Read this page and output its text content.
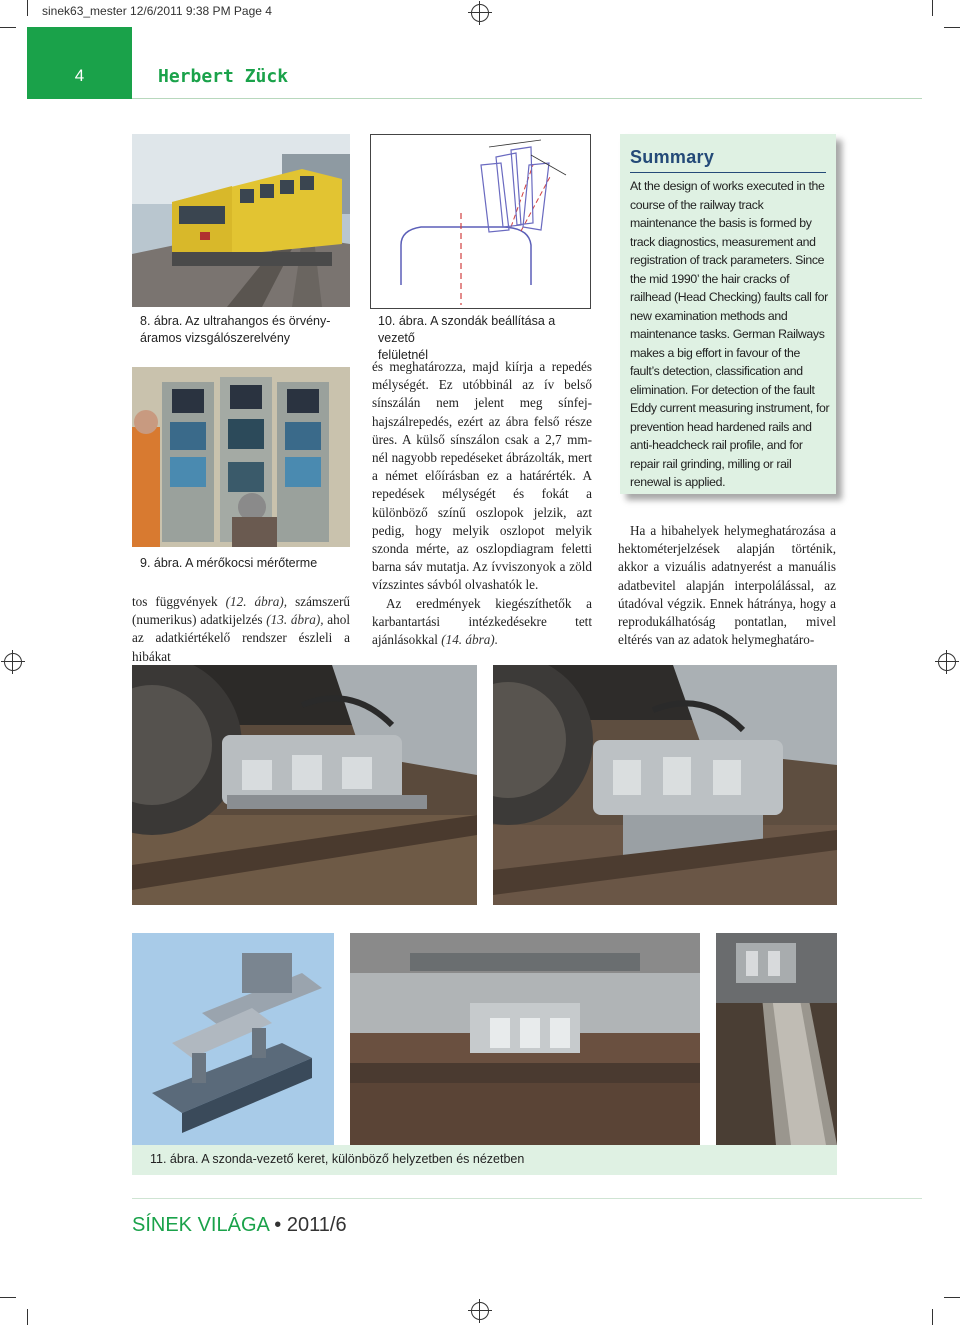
sinek63_mester 12/6/2011 9:38 PM Page 4
4	Herbert Zück
8. ábra. Az ultrahangos és örvény-
áramos vizsgálószerelvény
9. ábra. A mérőkocsi mérőterme
tos függvények (12. ábra), számszerű (numerikus) adatkijelzés (13. ábra), ahol az adatkiértékelő rendszer észleli a hibákat
10. ábra. A szondák beállítása a vezető
felületnél
és meghatározza, majd kiírja a repedés mélységét. Ez utóbbinál az ív belső sínszálán nem jelent meg sínfej-hajszálrepedés, ezért az ábra felső része üres. A külső sínszálon csak a 2,7 mm-nél nagyobb repedéseket ábrázolták, mert a német előírásban ez a határérték. A repedések mélységét és fokát a különböző színű oszlopok jelzik, azt pedig, hogy melyik oszlopot melyik szonda mérte, az oszlopdiagram feletti barna sáv mutatja. Az ívviszonyok a zöld vízszintes sávból olvashatók le.
Az eredmények kiegészíthetők a karbantartási intézkedésekre tett ajánlásokkal (14. ábra).
Summary
At the design of works executed in the course of the railway track maintenance the basis is formed by track diagnostics, measurement and registration of track parameters. Since the mid 1990’ the hair cracks of railhead (Head Checking) faults call for new examination methods and maintenance tasks. German Railways makes a big effort in favour of the fault’s detection, classification and elimination. For detection of the fault Eddy current measuring instrument, for prevention head hardened rails and anti-headcheck rail profile, and for repair rail grinding, milling or rail renewal is applied.
Ha a hibahelyek helymeghatározása a hektométerjelzések alapján történik, akkor a vizuális adatnyerést a manuális adatbevitel alapján interpolálással, az útadóval végzik. Ennek hátránya, hogy a reprodukálhatóság pontatlan, mivel eltérés van az adatok helymeghatáro-
11. ábra. A szonda-vezető keret, különböző helyzetben és nézetben
SÍNEK VILÁGA • 2011/6
